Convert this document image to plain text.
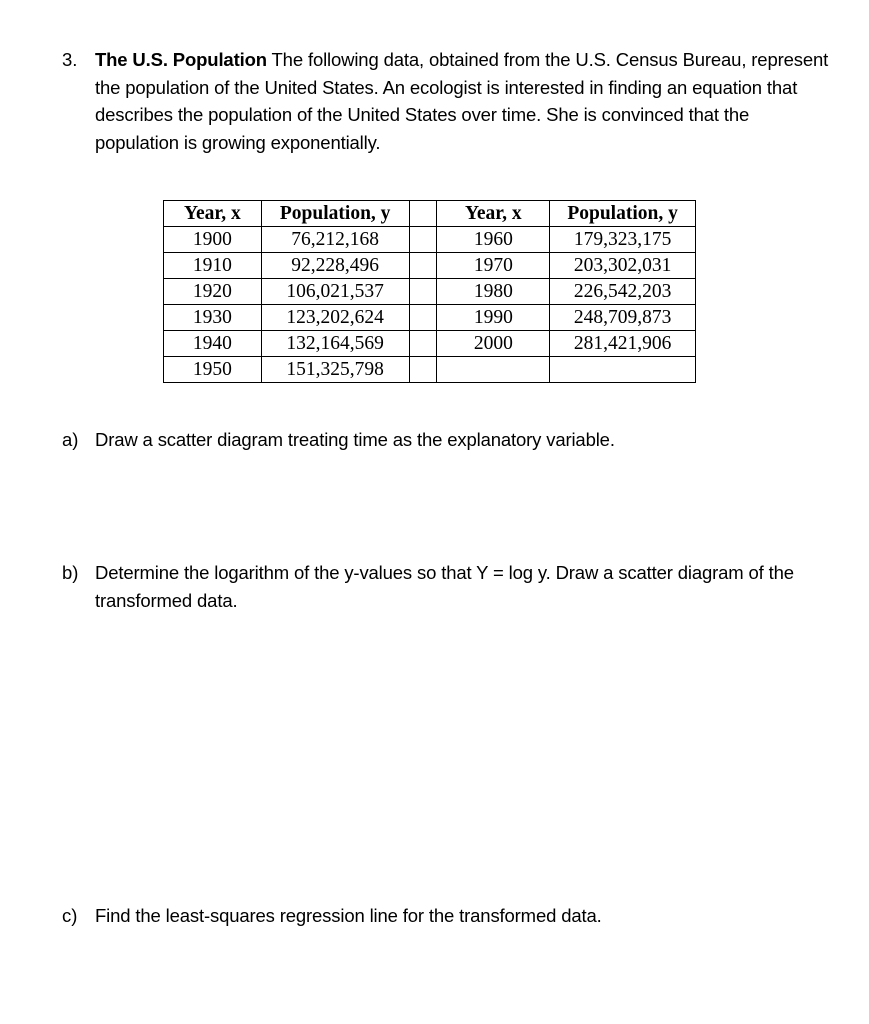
3. The U.S. Population The following data, obtained from the U.S. Census Bureau, represent the population of the United States. An ecologist is interested in finding an equation that describes the population of the United States over time. She is convinced that the population is growing exponentially.
Year, x	Population, y		Year, x	Population, y
1900	76,212,168		1960	179,323,175
1910	92,228,496		1970	203,302,031
1920	106,021,537		1980	226,542,203
1930	123,202,624		1990	248,709,873
1940	132,164,569		2000	281,421,906
1950	151,325,798			
a) Draw a scatter diagram treating time as the explanatory variable.
b) Determine the logarithm of the y-values so that Y = log y. Draw a scatter diagram of the transformed data.
c) Find the least-squares regression line for the transformed data.
